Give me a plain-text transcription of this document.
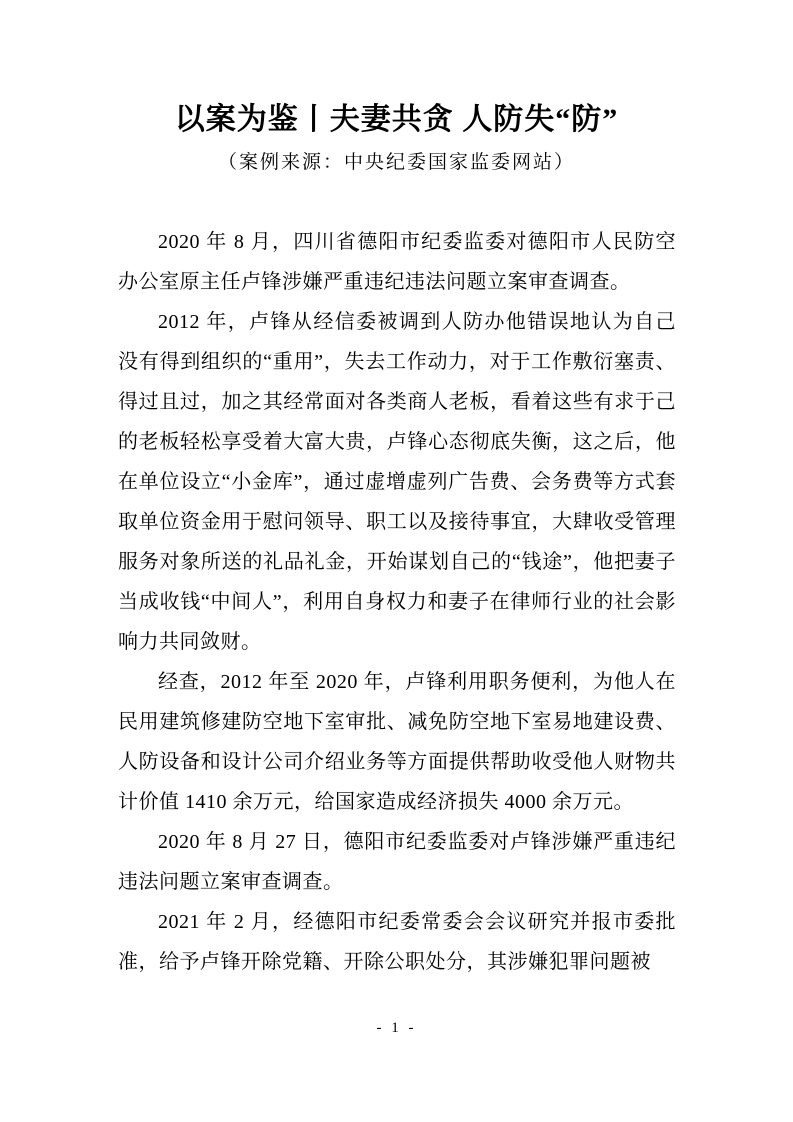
以案为鉴丨夫妻共贪 人防失“防”
（案例来源：中央纪委国家监委网站）

2020 年 8 月，四川省德阳市纪委监委对德阳市人民防空办公室原主任卢锋涉嫌严重违纪违法问题立案审查调查。

2012 年，卢锋从经信委被调到人防办他错误地认为自己没有得到组织的“重用”，失去工作动力，对于工作敷衍塞责、得过且过，加之其经常面对各类商人老板，看着这些有求于己的老板轻松享受着大富大贵，卢锋心态彻底失衡，这之后，他在单位设立“小金库”，通过虚增虚列广告费、会务费等方式套取单位资金用于慰问领导、职工以及接待事宜，大肆收受管理服务对象所送的礼品礼金，开始谋划自己的“钱途”，他把妻子当成收钱“中间人”，利用自身权力和妻子在律师行业的社会影响力共同敛财。

经查，2012 年至 2020 年，卢锋利用职务便利，为他人在民用建筑修建防空地下室审批、减免防空地下室易地建设费、人防设备和设计公司介绍业务等方面提供帮助收受他人财物共计价值 1410 余万元，给国家造成经济损失 4000 余万元。

2020 年 8 月 27 日，德阳市纪委监委对卢锋涉嫌严重违纪违法问题立案审查调查。

2021 年 2 月，经德阳市纪委常委会会议研究并报市委批准，给予卢锋开除党籍、开除公职处分，其涉嫌犯罪问题被

- 1 -
